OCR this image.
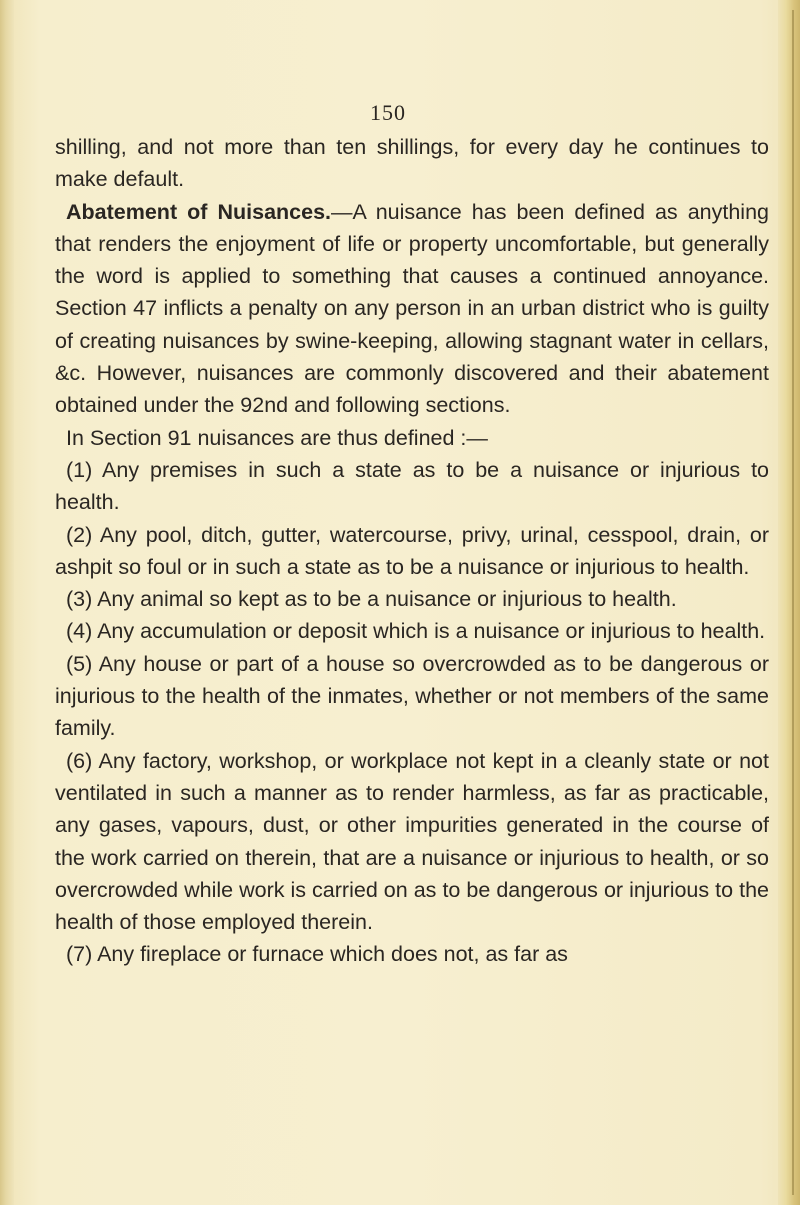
150

shilling, and not more than ten shillings, for every day he continues to make default.

Abatement of Nuisances.—A nuisance has been defined as anything that renders the enjoyment of life or property uncomfortable, but generally the word is applied to something that causes a continued annoyance. Section 47 inflicts a penalty on any person in an urban district who is guilty of creating nuisances by swine-keeping, allowing stagnant water in cellars, &c. However, nuisances are commonly discovered and their abatement obtained under the 92nd and following sections.

In Section 91 nuisances are thus defined :—

(1) Any premises in such a state as to be a nuisance or injurious to health.

(2) Any pool, ditch, gutter, watercourse, privy, urinal, cesspool, drain, or ashpit so foul or in such a state as to be a nuisance or injurious to health.

(3) Any animal so kept as to be a nuisance or injurious to health.

(4) Any accumulation or deposit which is a nuisance or injurious to health.

(5) Any house or part of a house so overcrowded as to be dangerous or injurious to the health of the inmates, whether or not members of the same family.

(6) Any factory, workshop, or workplace not kept in a cleanly state or not ventilated in such a manner as to render harmless, as far as practicable, any gases, vapours, dust, or other impurities generated in the course of the work carried on therein, that are a nuisance or injurious to health, or so overcrowded while work is carried on as to be dangerous or injurious to the health of those employed therein.

(7) Any fireplace or furnace which does not, as far as
